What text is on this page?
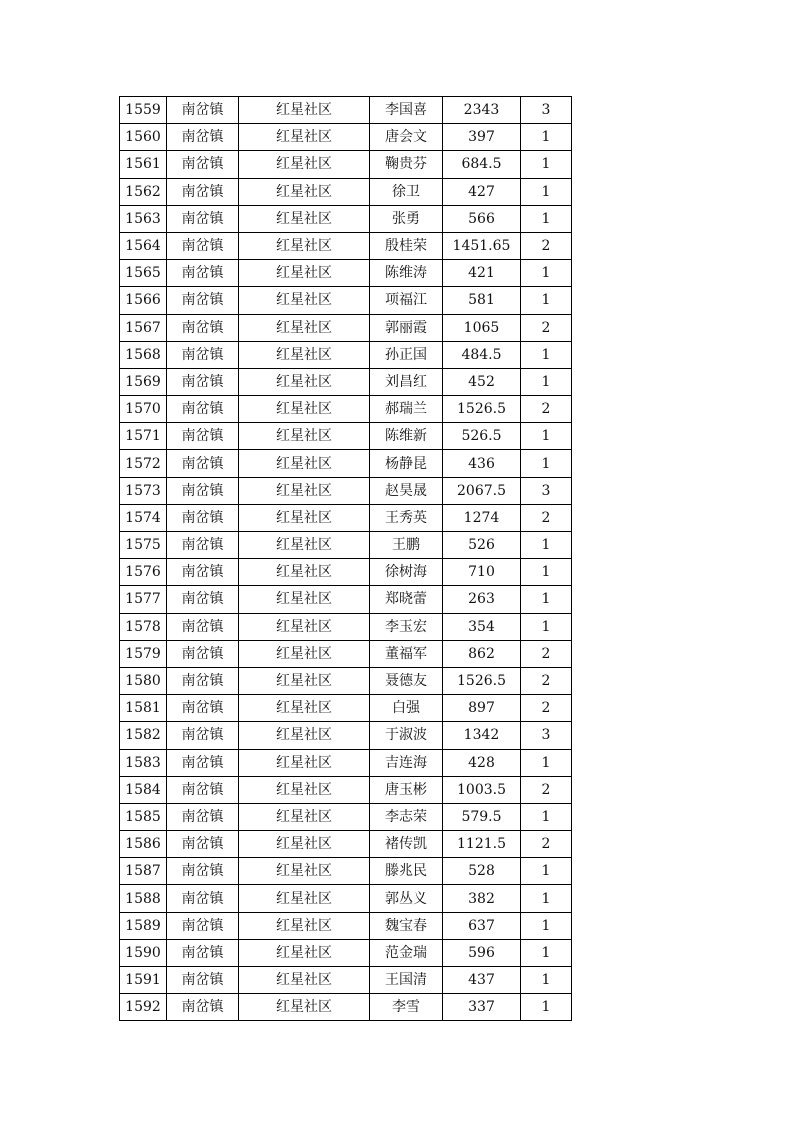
1559	南岔镇	红星社区	李国喜	2343	3
1560	南岔镇	红星社区	唐会文	397	1
1561	南岔镇	红星社区	鞠贵芬	684.5	1
1562	南岔镇	红星社区	徐卫	427	1
1563	南岔镇	红星社区	张勇	566	1
1564	南岔镇	红星社区	殷桂荣	1451.65	2
1565	南岔镇	红星社区	陈维涛	421	1
1566	南岔镇	红星社区	项福江	581	1
1567	南岔镇	红星社区	郭丽霞	1065	2
1568	南岔镇	红星社区	孙正国	484.5	1
1569	南岔镇	红星社区	刘昌红	452	1
1570	南岔镇	红星社区	郝瑞兰	1526.5	2
1571	南岔镇	红星社区	陈维新	526.5	1
1572	南岔镇	红星社区	杨静昆	436	1
1573	南岔镇	红星社区	赵昊晟	2067.5	3
1574	南岔镇	红星社区	王秀英	1274	2
1575	南岔镇	红星社区	王鹏	526	1
1576	南岔镇	红星社区	徐树海	710	1
1577	南岔镇	红星社区	郑晓蕾	263	1
1578	南岔镇	红星社区	李玉宏	354	1
1579	南岔镇	红星社区	董福军	862	2
1580	南岔镇	红星社区	聂德友	1526.5	2
1581	南岔镇	红星社区	白强	897	2
1582	南岔镇	红星社区	于淑波	1342	3
1583	南岔镇	红星社区	吉连海	428	1
1584	南岔镇	红星社区	唐玉彬	1003.5	2
1585	南岔镇	红星社区	李志荣	579.5	1
1586	南岔镇	红星社区	褚传凯	1121.5	2
1587	南岔镇	红星社区	滕兆民	528	1
1588	南岔镇	红星社区	郭丛义	382	1
1589	南岔镇	红星社区	魏宝春	637	1
1590	南岔镇	红星社区	范金瑞	596	1
1591	南岔镇	红星社区	王国清	437	1
1592	南岔镇	红星社区	李雪	337	1
